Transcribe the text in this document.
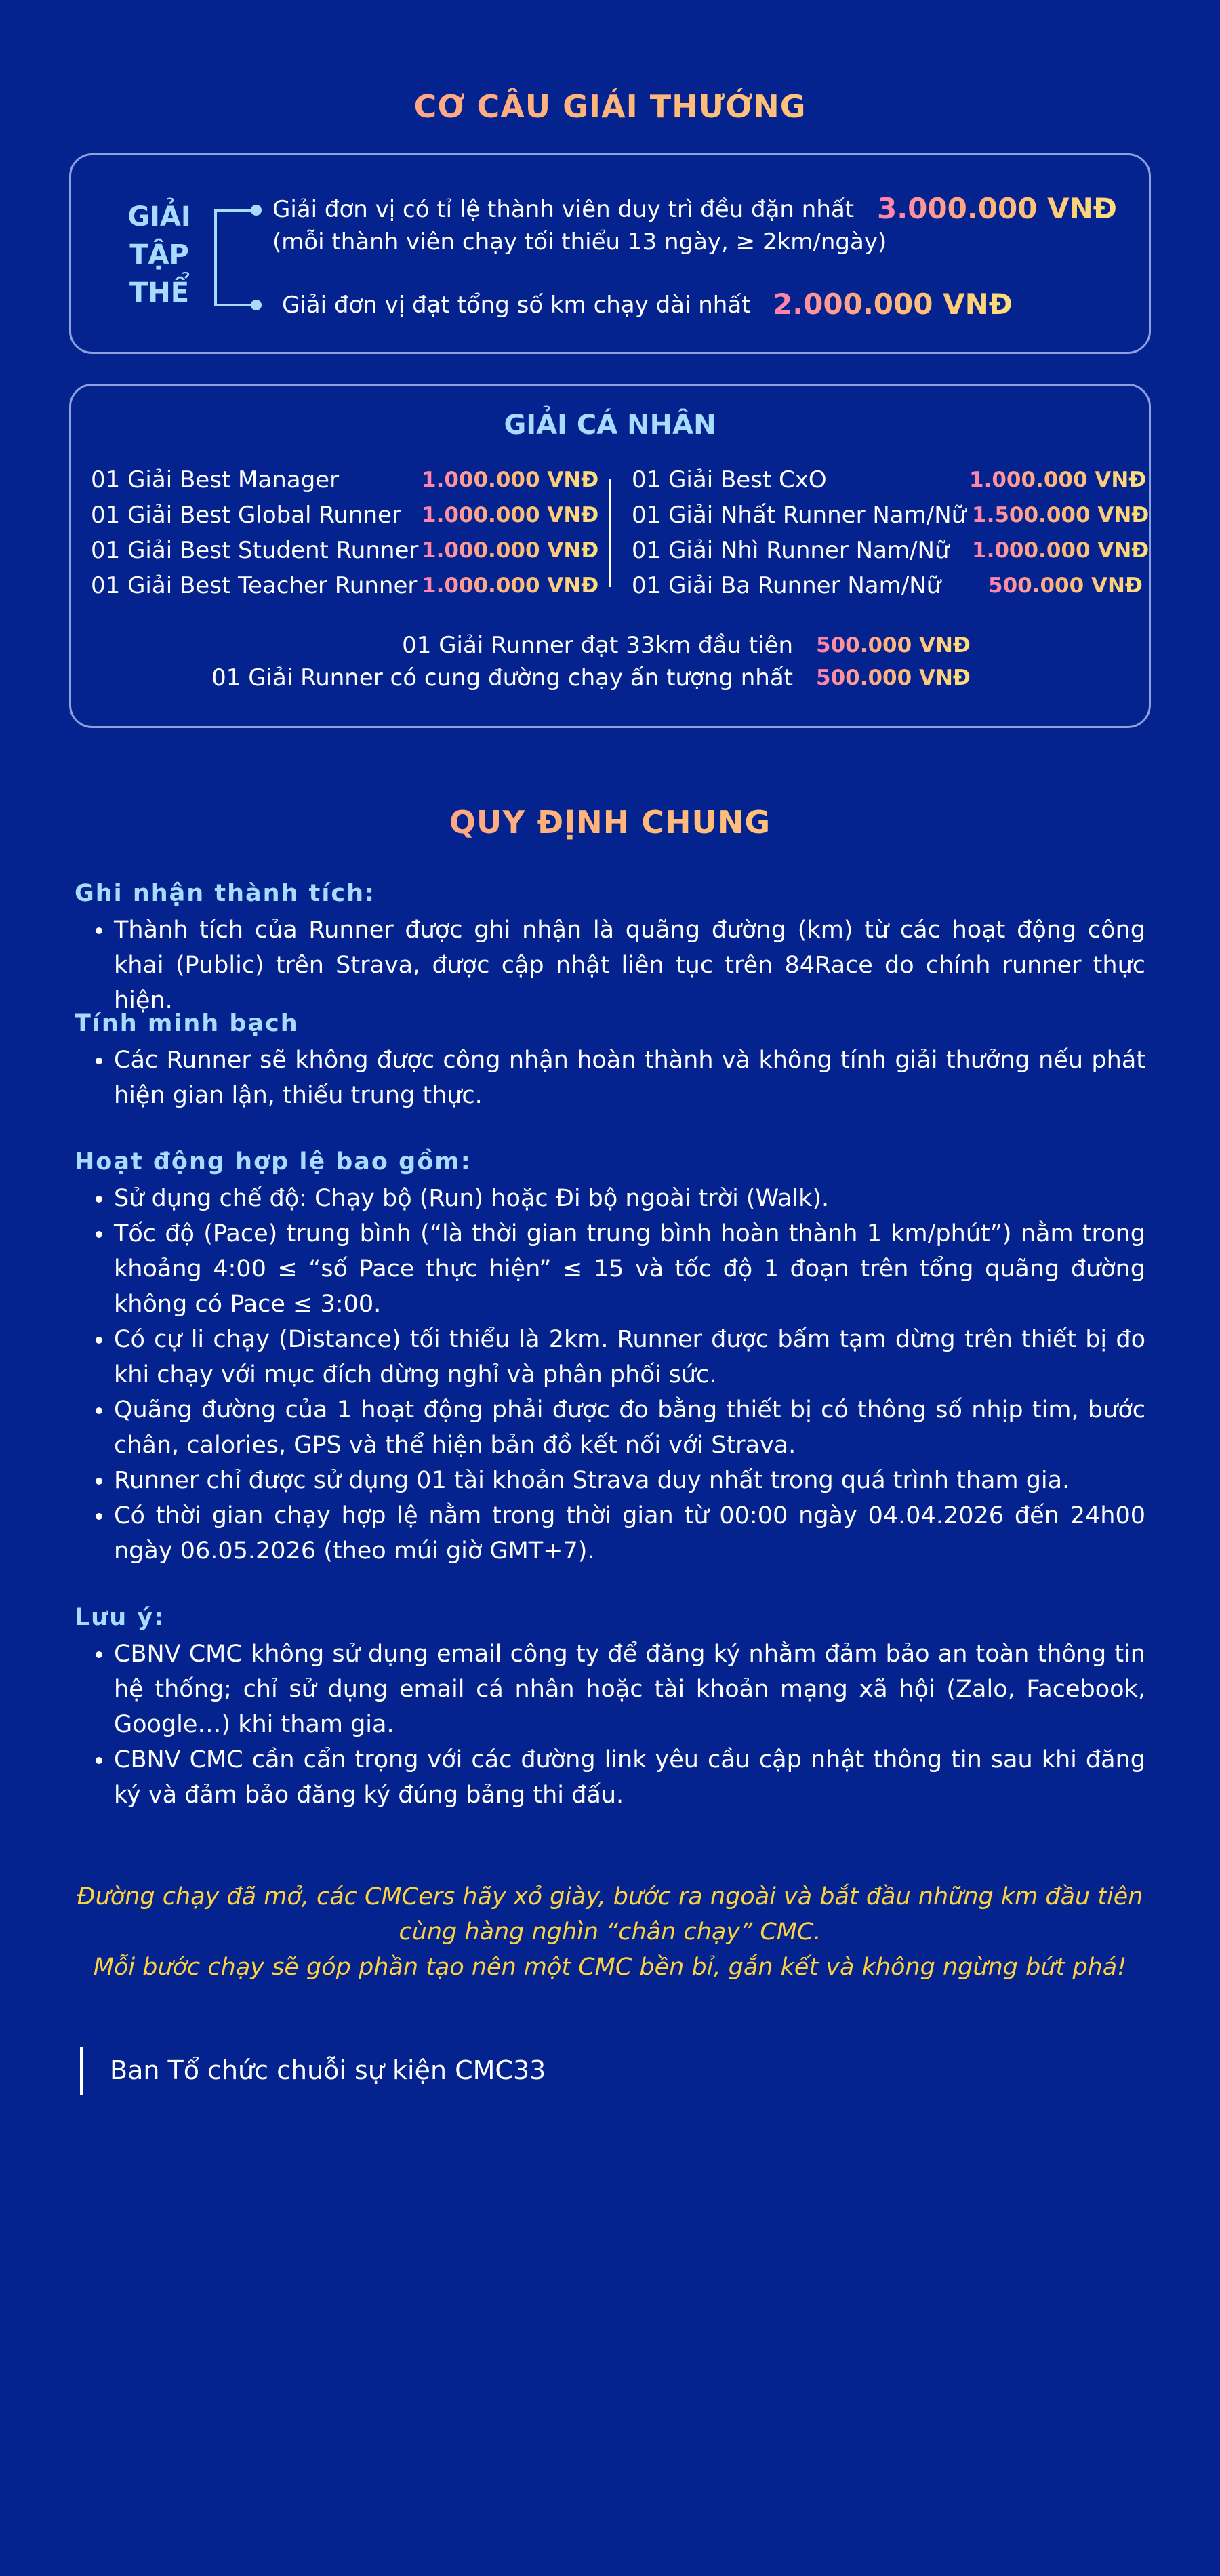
CƠ CẤU GIẢI THƯỞNG
GIẢI
TẬP
THỂ
Giải đơn vị có tỉ lệ thành viên duy trì đều đặn nhất
(mỗi thành viên chạy tối thiểu 13 ngày, ≥ 2km/ngày)
3.000.000 VNĐ
Giải đơn vị đạt tổng số km chạy dài nhất 2.000.000 VNĐ
GIẢI CÁ NHÂN
01 Giải Best Manager
01 Giải Best Global Runner
01 Giải Best Student Runner
01 Giải Best Teacher Runner
1.000.000 VNĐ
1.000.000 VNĐ
1.000.000 VNĐ
1.000.000 VNĐ
01 Giải Best CxO
01 Giải Nhất Runner Nam/Nữ
01 Giải Nhì Runner Nam/Nữ
01 Giải Ba Runner Nam/Nữ
1.000.000 VNĐ
1.500.000 VNĐ
1.000.000 VNĐ
500.000 VNĐ
01 Giải Runner đạt 33km đầu tiên 500.000 VNĐ
01 Giải Runner có cung đường chạy ấn tượng nhất 500.000 VNĐ
QUY ĐỊNH CHUNG

Ghi nhận thành tích:

• Thành tích của Runner được ghi nhận là quãng đường (km) từ các hoạt động công khai (Public) trên Strava, được cập nhật liên tục trên 84Race do chính runner thực hiện.

Tính minh bạch

• Các Runner sẽ không được công nhận hoàn thành và không tính giải thưởng nếu phát hiện gian lận, thiếu trung thực.

Hoạt động hợp lệ bao gồm:

• Sử dụng chế độ: Chạy bộ (Run) hoặc Đi bộ ngoài trời (Walk).
• Tốc độ (Pace) trung bình (“là thời gian trung bình hoàn thành 1 km/phút”) nằm trong khoảng 4:00 ≤ “số Pace thực hiện” ≤ 15 và tốc độ 1 đoạn trên tổng quãng đường không có Pace ≤ 3:00.
• Có cự li chạy (Distance) tối thiểu là 2km. Runner được bấm tạm dừng trên thiết bị đo khi chạy với mục đích dừng nghỉ và phân phối sức.
• Quãng đường của 1 hoạt động phải được đo bằng thiết bị có thông số nhịp tim, bước chân, calories, GPS và thể hiện bản đồ kết nối với Strava.
• Runner chỉ được sử dụng 01 tài khoản Strava duy nhất trong quá trình tham gia.
• Có thời gian chạy hợp lệ nằm trong thời gian từ 00:00 ngày 04.04.2026 đến 24h00 ngày 06.05.2026 (theo múi giờ GMT+7).

Lưu ý:

• CBNV CMC không sử dụng email công ty để đăng ký nhằm đảm bảo an toàn thông tin hệ thống; chỉ sử dụng email cá nhân hoặc tài khoản mạng xã hội (Zalo, Facebook, Google…) khi tham gia.
• CBNV CMC cần cẩn trọng với các đường link yêu cầu cập nhật thông tin sau khi đăng ký và đảm bảo đăng ký đúng bảng thi đấu.
Đường chạy đã mở, các CMCers hãy xỏ giày, bước ra ngoài và bắt đầu những km đầu tiên
cùng hàng nghìn “chân chạy” CMC.
Mỗi bước chạy sẽ góp phần tạo nên một CMC bền bỉ, gắn kết và không ngừng bứt phá!
Ban Tổ chức chuỗi sự kiện CMC33
